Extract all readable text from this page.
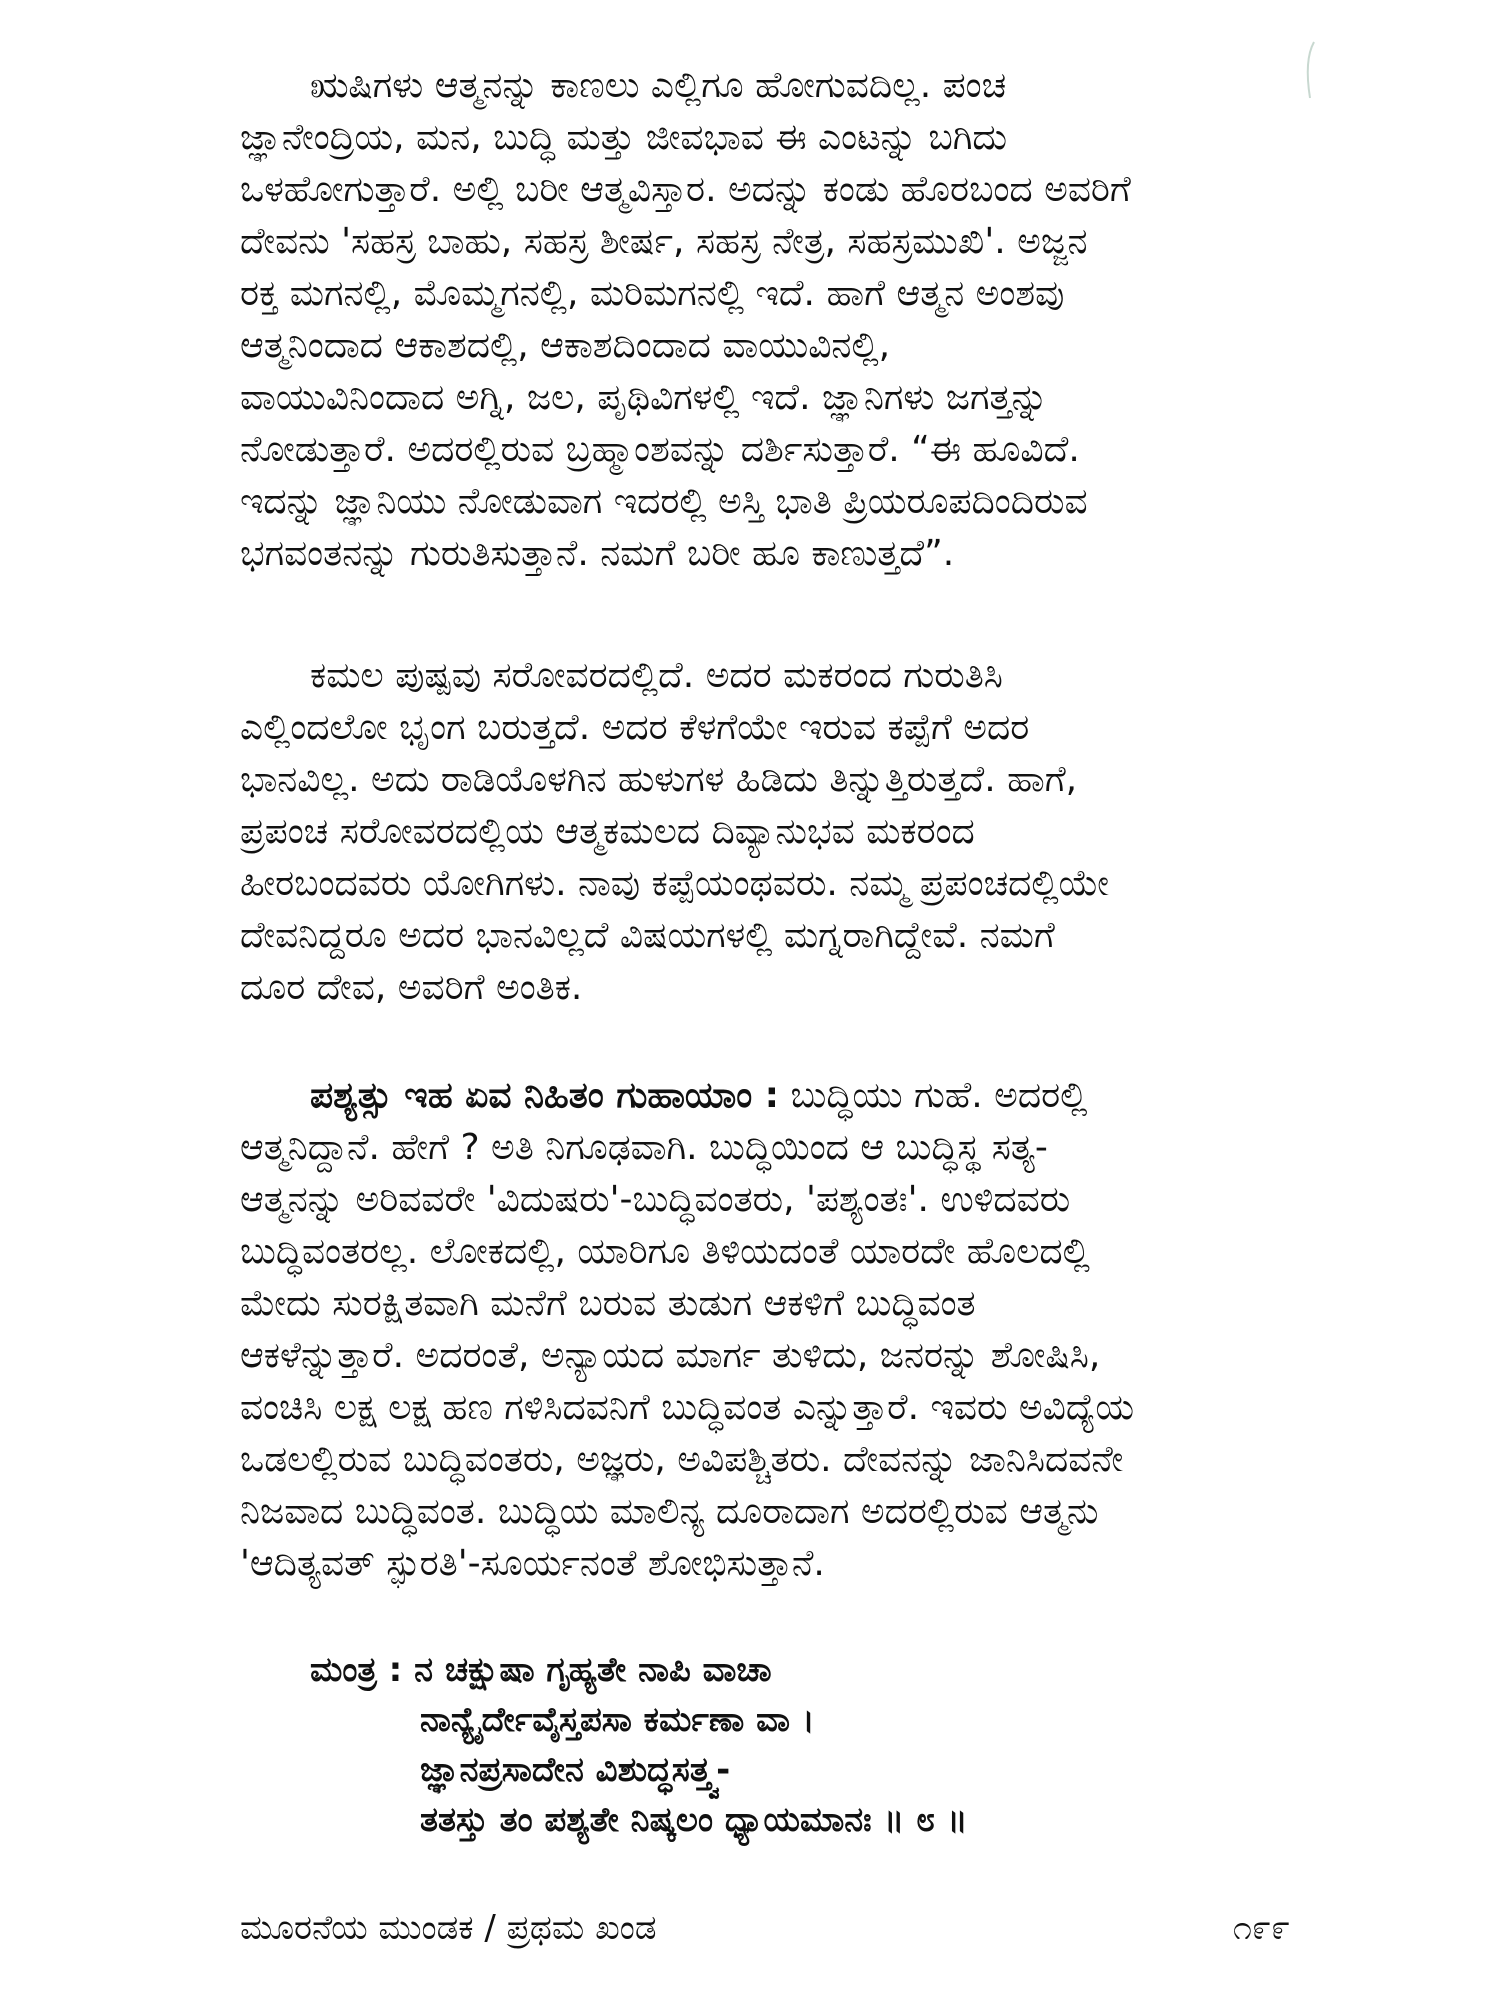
ಋಷಿಗಳು ಆತ್ಮನನ್ನು ಕಾಣಲು ಎಲ್ಲಿಗೂ ಹೋಗುವದಿಲ್ಲ. ಪಂಚ

ಜ್ಞಾನೇಂದ್ರಿಯ, ಮನ, ಬುದ್ಧಿ ಮತ್ತು ಜೀವಭಾವ ಈ ಎಂಟನ್ನು ಬಗಿದು

ಒಳಹೋಗುತ್ತಾರೆ. ಅಲ್ಲಿ ಬರೀ ಆತ್ಮವಿಸ್ತಾರ. ಅದನ್ನು ಕಂಡು ಹೊರಬಂದ ಅವರಿಗೆ

ದೇವನು 'ಸಹಸ್ರ ಬಾಹು, ಸಹಸ್ರ ಶೀರ್ಷ, ಸಹಸ್ರ ನೇತ್ರ, ಸಹಸ್ರಮುಖಿ'. ಅಜ್ಜನ

ರಕ್ತ ಮಗನಲ್ಲಿ, ಮೊಮ್ಮಗನಲ್ಲಿ, ಮರಿಮಗನಲ್ಲಿ ಇದೆ. ಹಾಗೆ ಆತ್ಮನ ಅಂಶವು

ಆತ್ಮನಿಂದಾದ ಆಕಾಶದಲ್ಲಿ, ಆಕಾಶದಿಂದಾದ ವಾಯುವಿನಲ್ಲಿ,

ವಾಯುವಿನಿಂದಾದ ಅಗ್ನಿ, ಜಲ, ಪೃಥಿವಿಗಳಲ್ಲಿ ಇದೆ. ಜ್ಞಾನಿಗಳು ಜಗತ್ತನ್ನು

ನೋಡುತ್ತಾರೆ. ಅದರಲ್ಲಿರುವ ಬ್ರಹ್ಮಾಂಶವನ್ನು ದರ್ಶಿಸುತ್ತಾರೆ. “ಈ ಹೂವಿದೆ.

ಇದನ್ನು ಜ್ಞಾನಿಯು ನೋಡುವಾಗ ಇದರಲ್ಲಿ ಅಸ್ತಿ ಭಾತಿ ಪ್ರಿಯರೂಪದಿಂದಿರುವ

ಭಗವಂತನನ್ನು ಗುರುತಿಸುತ್ತಾನೆ. ನಮಗೆ ಬರೀ ಹೂ ಕಾಣುತ್ತದೆ”.

ಕಮಲ ಪುಷ್ಪವು ಸರೋವರದಲ್ಲಿದೆ. ಅದರ ಮಕರಂದ ಗುರುತಿಸಿ

ಎಲ್ಲಿಂದಲೋ ಭೃಂಗ ಬರುತ್ತದೆ. ಅದರ ಕೆಳಗೆಯೇ ಇರುವ ಕಪ್ಪೆಗೆ ಅದರ

ಭಾನವಿಲ್ಲ. ಅದು ರಾಡಿಯೊಳಗಿನ ಹುಳುಗಳ ಹಿಡಿದು ತಿನ್ನುತ್ತಿರುತ್ತದೆ. ಹಾಗೆ,

ಪ್ರಪಂಚ ಸರೋವರದಲ್ಲಿಯ ಆತ್ಮಕಮಲದ ದಿವ್ಯಾನುಭವ ಮಕರಂದ

ಹೀರಬಂದವರು ಯೋಗಿಗಳು. ನಾವು ಕಪ್ಪೆಯಂಥವರು. ನಮ್ಮ ಪ್ರಪಂಚದಲ್ಲಿಯೇ

ದೇವನಿದ್ದರೂ ಅದರ ಭಾನವಿಲ್ಲದೆ ವಿಷಯಗಳಲ್ಲಿ ಮಗ್ನರಾಗಿದ್ದೇವೆ. ನಮಗೆ

ದೂರ ದೇವ, ಅವರಿಗೆ ಅಂತಿಕ.

ಪಶ್ಯತ್ಸು ಇಹ ಏವ ನಿಹಿತಂ ಗುಹಾಯಾಂ : ಬುದ್ಧಿಯು ಗುಹೆ. ಅದರಲ್ಲಿ

ಆತ್ಮನಿದ್ದಾನೆ. ಹೇಗೆ ? ಅತಿ ನಿಗೂಢವಾಗಿ. ಬುದ್ಧಿಯಿಂದ ಆ ಬುದ್ಧಿಸ್ಥ ಸತ್ಯ-

ಆತ್ಮನನ್ನು ಅರಿವವರೇ 'ವಿದುಷರು'-ಬುದ್ಧಿವಂತರು, 'ಪಶ್ಯಂತಃ'. ಉಳಿದವರು

ಬುದ್ಧಿವಂತರಲ್ಲ. ಲೋಕದಲ್ಲಿ, ಯಾರಿಗೂ ತಿಳಿಯದಂತೆ ಯಾರದೇ ಹೊಲದಲ್ಲಿ

ಮೇದು ಸುರಕ್ಷಿತವಾಗಿ ಮನೆಗೆ ಬರುವ ತುಡುಗ ಆಕಳಿಗೆ ಬುದ್ಧಿವಂತ

ಆಕಳೆನ್ನುತ್ತಾರೆ. ಅದರಂತೆ, ಅನ್ಯಾಯದ ಮಾರ್ಗ ತುಳಿದು, ಜನರನ್ನು ಶೋಷಿಸಿ,

ವಂಚಿಸಿ ಲಕ್ಷ ಲಕ್ಷ ಹಣ ಗಳಿಸಿದವನಿಗೆ ಬುದ್ಧಿವಂತ ಎನ್ನುತ್ತಾರೆ. ಇವರು ಅವಿದ್ಯೆಯ

ಒಡಲಲ್ಲಿರುವ ಬುದ್ಧಿವಂತರು, ಅಜ್ಞರು, ಅವಿಪಶ್ಚಿತರು. ದೇವನನ್ನು ಜಾನಿಸಿದವನೇ

ನಿಜವಾದ ಬುದ್ಧಿವಂತ. ಬುದ್ಧಿಯ ಮಾಲಿನ್ಯ ದೂರಾದಾಗ ಅದರಲ್ಲಿರುವ ಆತ್ಮನು

'ಆದಿತ್ಯವತ್ ಸ್ಫುರತಿ'-ಸೂರ್ಯನಂತೆ ಶೋಭಿಸುತ್ತಾನೆ.

ಮಂತ್ರ : ನ ಚಕ್ಷುಷಾ ಗೃಹ್ಯತೇ ನಾಪಿ ವಾಚಾ

ನಾನ್ಯೈರ್ದೇವೈಸ್ತಪಸಾ ಕರ್ಮಣಾ ವಾ ।

ಜ್ಞಾನಪ್ರಸಾದೇನ ವಿಶುದ್ಧಸತ್ತ್ವ-

ತತಸ್ತು ತಂ ಪಶ್ಯತೇ ನಿಷ್ಕಲಂ ಧ್ಯಾಯಮಾನಃ ॥ ೮ ॥

ಮೂರನೆಯ ಮುಂಡಕ / ಪ್ರಥಮ ಖಂಡ	೧೯೯
